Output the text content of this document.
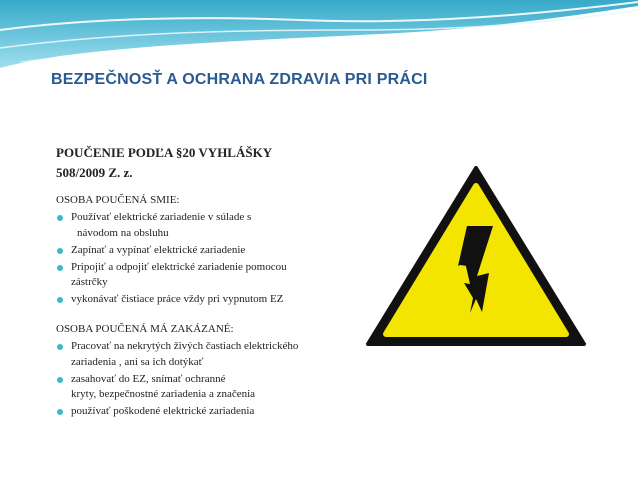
BEZPEČNOSŤ A OCHRANA ZDRAVIA PRI PRÁCI
POUČENIE PODĽA §20 VYHLÁŠKY
508/2009 Z. z.
OSOBA POUČENÁ SMIE:
Používať elektrické zariadenie v súlade s
návodom na obsluhu
Zapínať a vypínať elektrické zariadenie
Pripojiť a odpojiť elektrické zariadenie pomocou
zástrčky
vykonávať čistiace práce vždy pri vypnutom EZ
OSOBA POUČENÁ MÁ ZAKÁZANÉ:
Pracovať na nekrytých živých častiach elektrického
zariadenia , ani sa ich dotýkať
zasahovať do EZ, snímať ochranné
kryty, bezpečnostné zariadenia a značenia
používať poškodené elektrické zariadenia
